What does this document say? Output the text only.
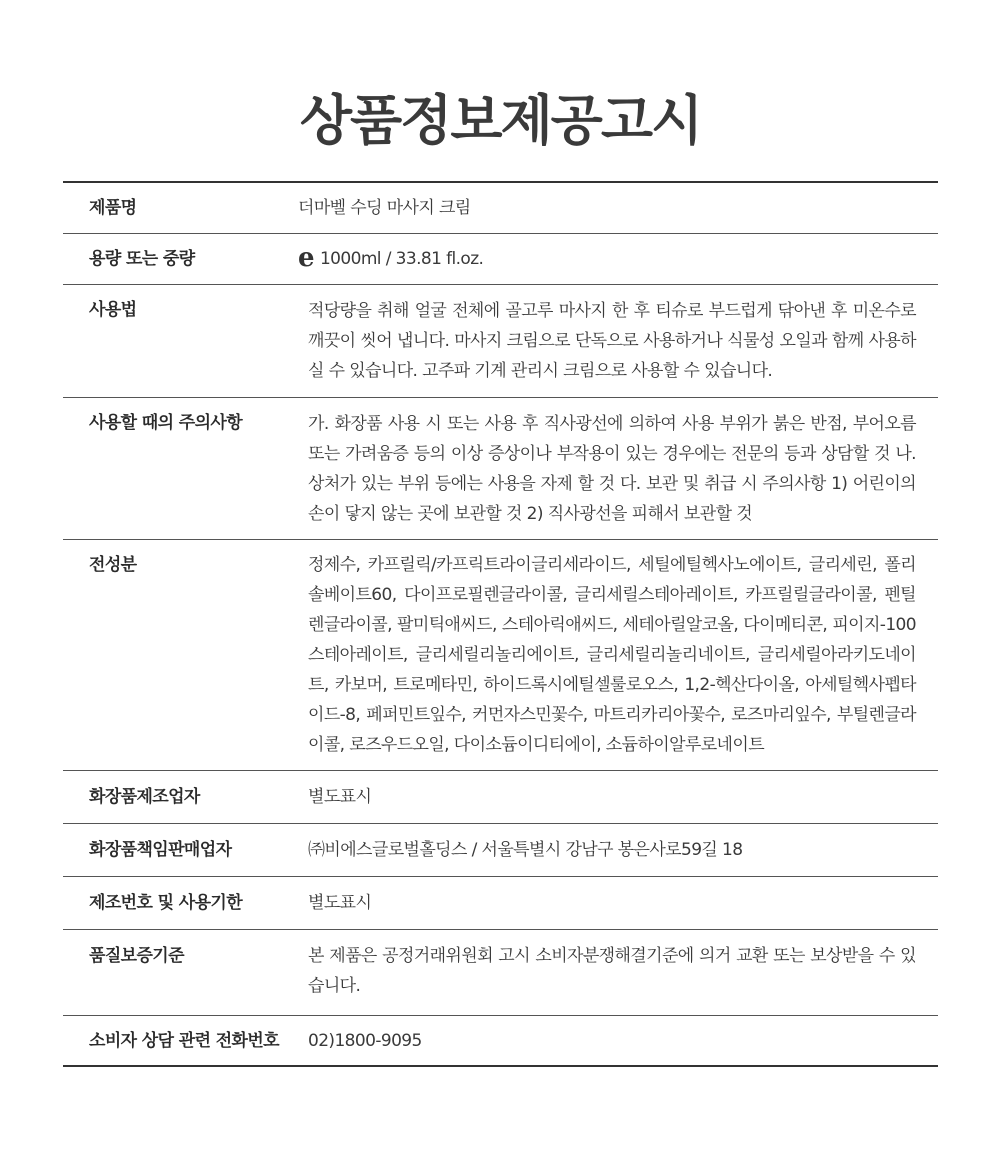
상품정보제공고시
제품명	더마벨 수딩 마사지 크림
용량 또는 중량	e 1000ml / 33.81 fl.oz.
사용법	적당량을 취해 얼굴 전체에 골고루 마사지 한 후 티슈로 부드럽게 닦아낸 후 미온수로 깨끗이 씻어 냅니다. 마사지 크림으로 단독으로 사용하거나 식물성 오일과 함께 사용하실 수 있습니다. 고주파 기계 관리시 크림으로 사용할 수 있습니다.
사용할 때의 주의사항	가. 화장품 사용 시 또는 사용 후 직사광선에 의하여 사용 부위가 붉은 반점, 부어오름 또는 가려움증 등의 이상 증상이나 부작용이 있는 경우에는 전문의 등과 상담할 것 나. 상처가 있는 부위 등에는 사용을 자제 할 것 다. 보관 및 취급 시 주의사항 1) 어린이의 손이 닿지 않는 곳에 보관할 것 2) 직사광선을 피해서 보관할 것
전성분	정제수, 카프릴릭/카프릭트라이글리세라이드, 세틸에틸헥사노에이트, 글리세린, 폴리솔베이트60, 다이프로필렌글라이콜, 글리세릴스테아레이트, 카프릴릴글라이콜, 펜틸렌글라이콜, 팔미틱애씨드, 스테아릭애씨드, 세테아릴알코올, 다이메티콘, 피이지-100스테아레이트, 글리세릴리놀리에이트, 글리세릴리놀리네이트, 글리세릴아라키도네이트, 카보머, 트로메타민, 하이드록시에틸셀룰로오스, 1,2-헥산다이올, 아세틸헥사펩타이드-8, 페퍼민트잎수, 커먼자스민꽃수, 마트리카리아꽃수, 로즈마리잎수, 부틸렌글라이콜, 로즈우드오일, 다이소듐이디티에이, 소듐하이알루로네이트
화장품제조업자	별도표시
화장품책임판매업자	㈜비에스글로벌홀딩스 / 서울특별시 강남구 봉은사로59길 18
제조번호 및 사용기한	별도표시
품질보증기준	본 제품은 공정거래위원회 고시 소비자분쟁해결기준에 의거 교환 또는 보상받을 수 있습니다.
소비자 상담 관련 전화번호	02)1800-9095
